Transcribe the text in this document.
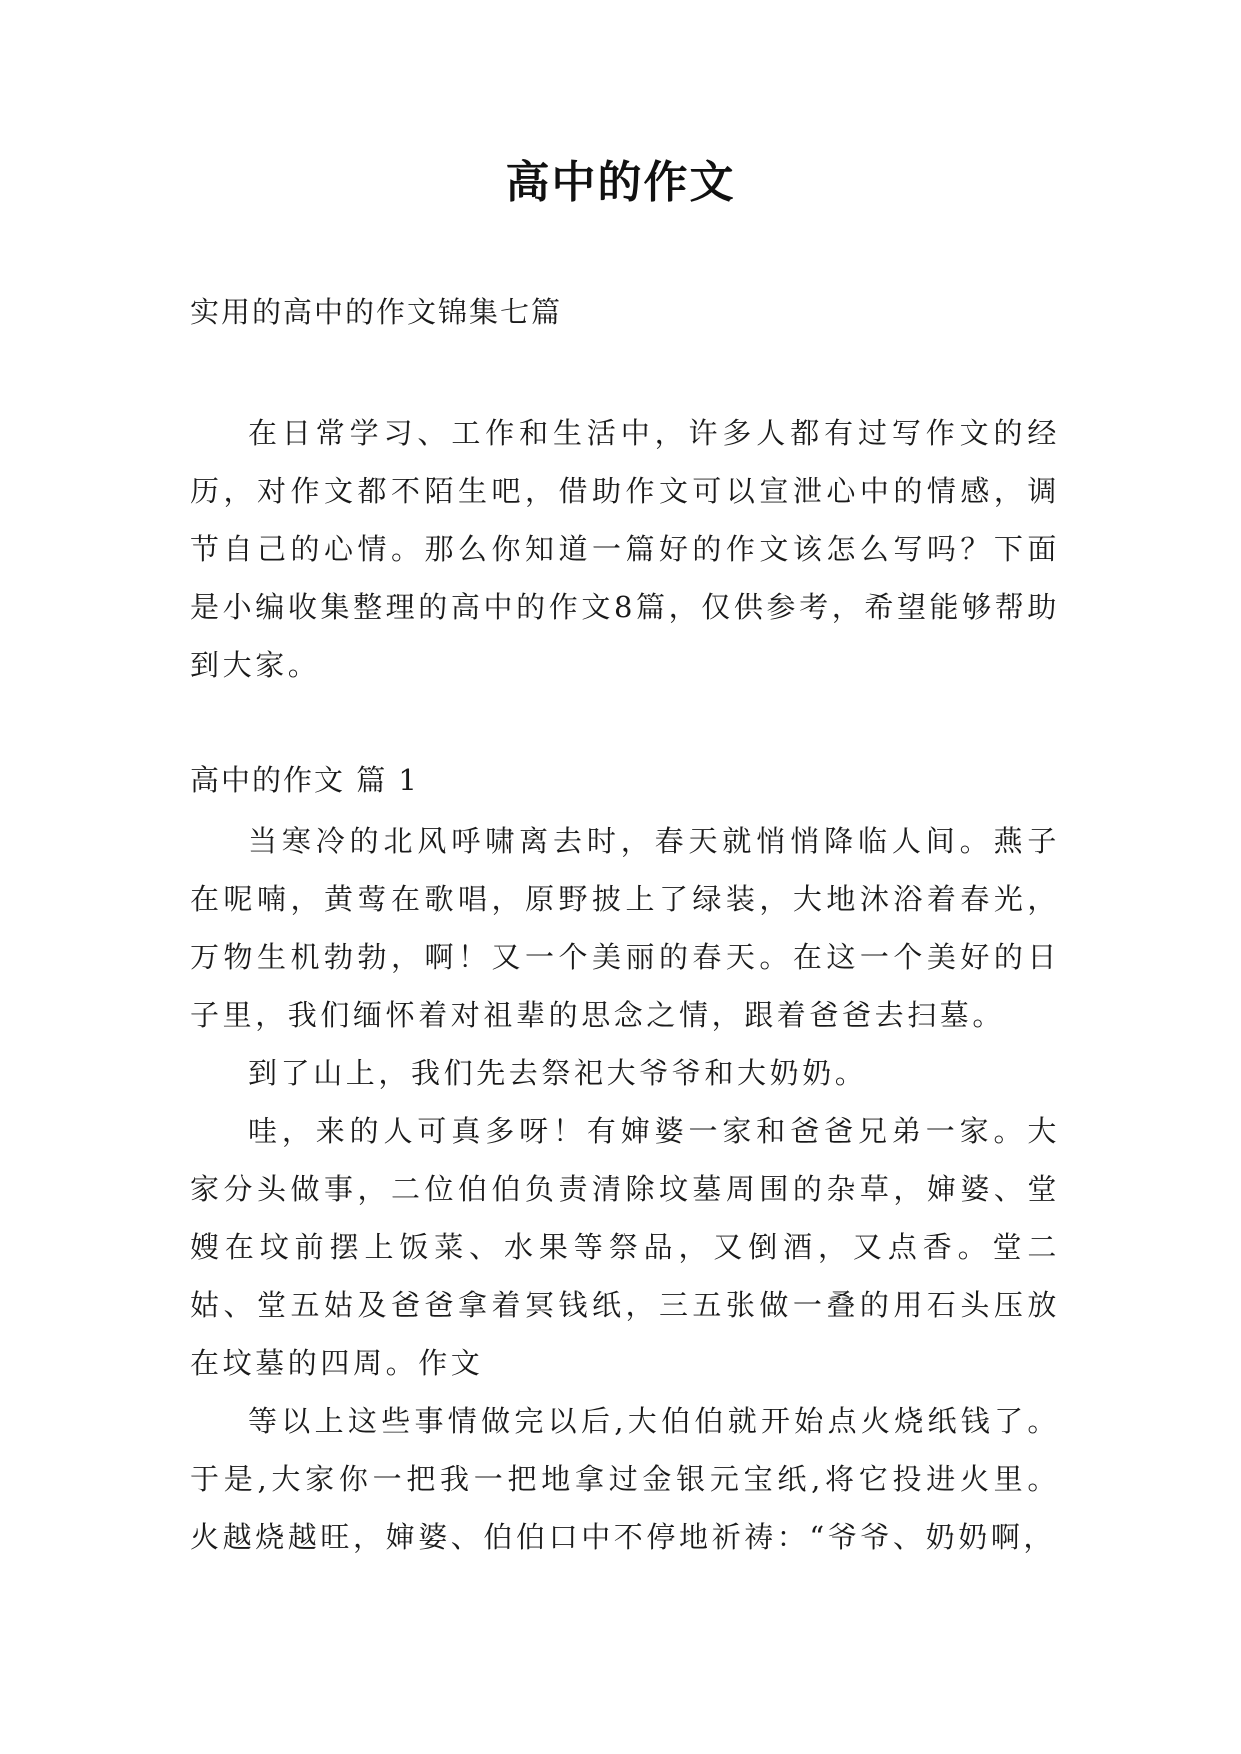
高中的作文
实用的高中的作文锦集七篇

在日常学习、工作和生活中，许多人都有过写作文的经历，对作文都不陌生吧，借助作文可以宣泄心中的情感，调节自己的心情。那么你知道一篇好的作文该怎么写吗？下面是小编收集整理的高中的作文8篇，仅供参考，希望能够帮助到大家。

高中的作文 篇 1

当寒冷的北风呼啸离去时，春天就悄悄降临人间。燕子在呢喃，黄莺在歌唱，原野披上了绿装，大地沐浴着春光，万物生机勃勃，啊！又一个美丽的春天。在这一个美好的日子里，我们缅怀着对祖辈的思念之情，跟着爸爸去扫墓。

到了山上，我们先去祭祀大爷爷和大奶奶。

哇，来的人可真多呀！有婶婆一家和爸爸兄弟一家。大家分头做事，二位伯伯负责清除坟墓周围的杂草，婶婆、堂嫂在坟前摆上饭菜、水果等祭品，又倒酒，又点香。堂二姑、堂五姑及爸爸拿着冥钱纸，三五张做一叠的用石头压放在坟墓的四周。作文

等以上这些事情做完以后,大伯伯就开始点火烧纸钱了。于是,大家你一把我一把地拿过金银元宝纸,将它投进火里。火越烧越旺，婶婆、伯伯口中不停地祈祷：“爷爷、奶奶啊，
